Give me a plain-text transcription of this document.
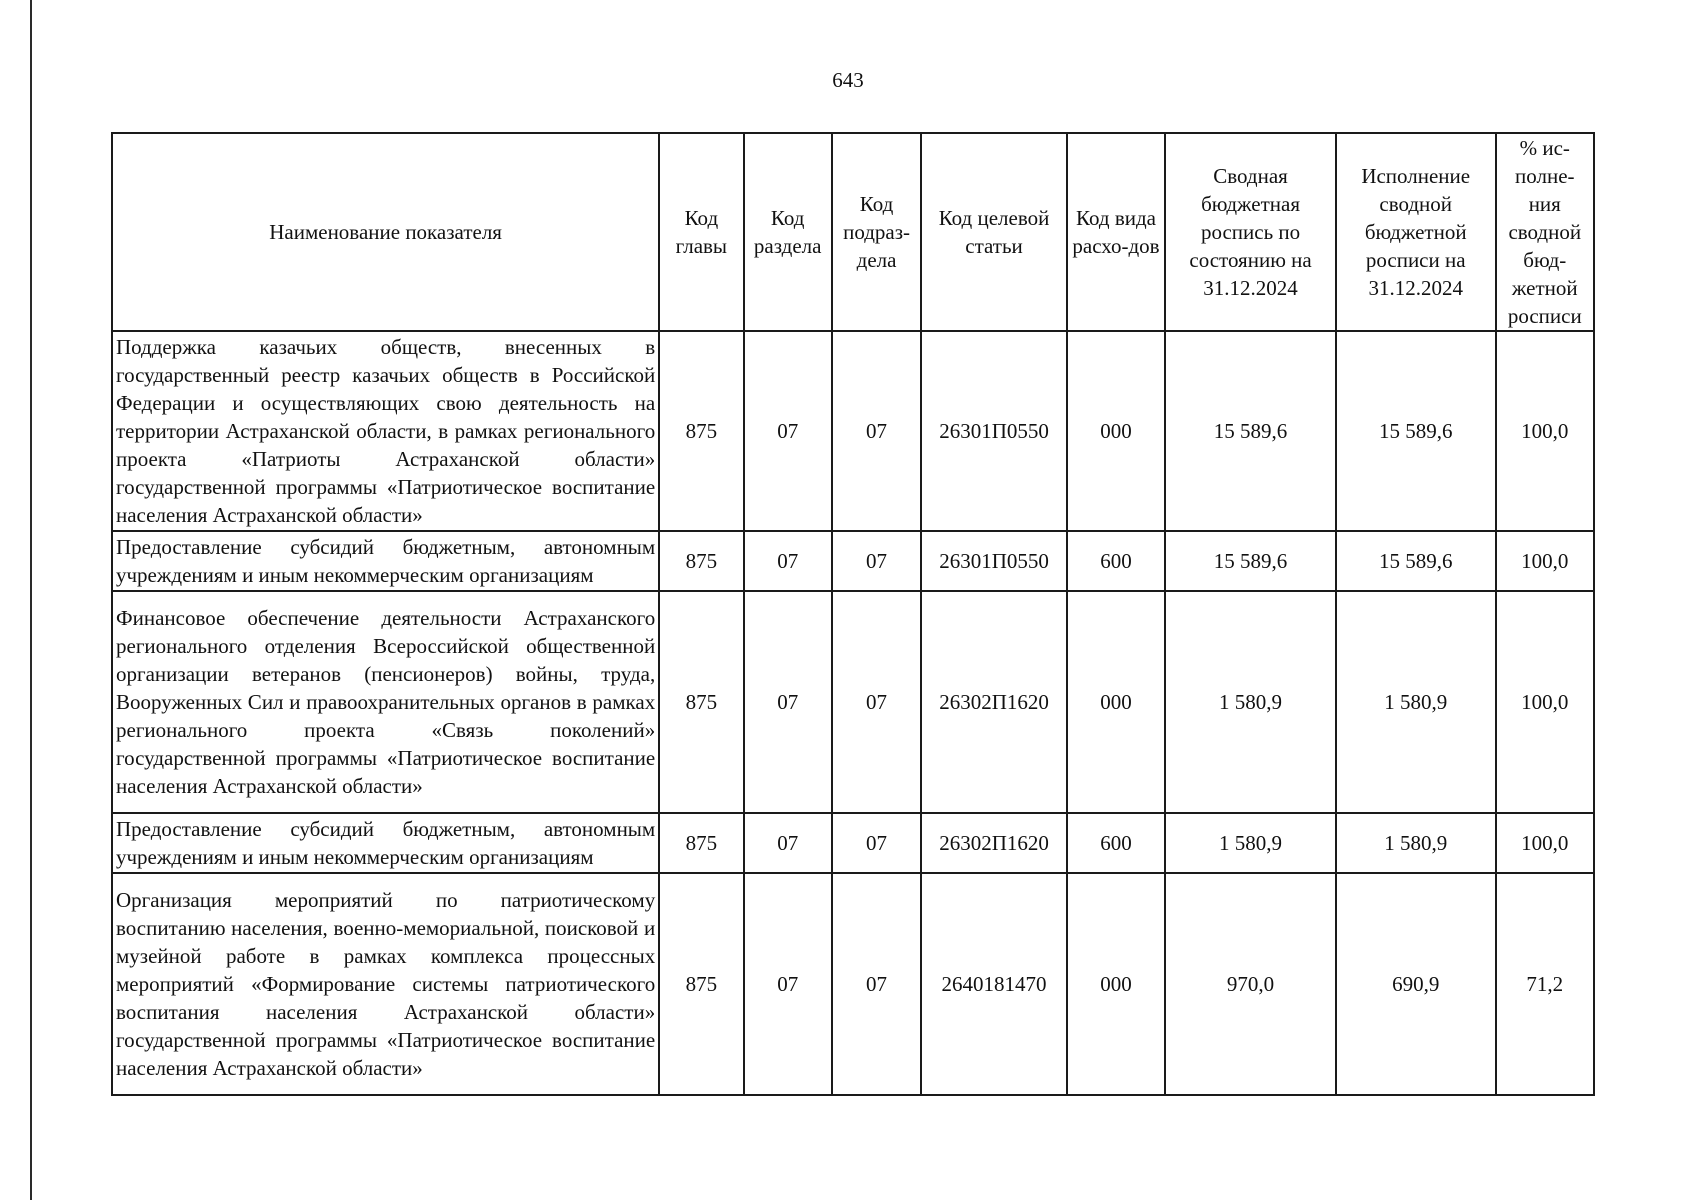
643
Наименование показателя	Код главы	Код раздела	Код подраз-дела	Код целевой статьи	Код вида расхо-дов	Сводная бюджетная роспись по состоянию на 31.12.2024	Исполнение сводной бюджетной росписи на 31.12.2024	% ис-полне-ния сводной бюд-жетной росписи
Поддержка казачьих обществ, внесенных в государственный реестр казачьих обществ в Российской Федерации и осуществляющих свою деятельность на территории Астраханской области, в рамках регионального проекта «Патриоты Астраханской области» государственной программы «Патриотическое воспитание населения Астраханской области»	875	07	07	26301П0550	000	15 589,6	15 589,6	100,0
Предоставление субсидий бюджетным, автономным учреждениям и иным некоммерческим организациям	875	07	07	26301П0550	600	15 589,6	15 589,6	100,0
Финансовое обеспечение деятельности Астраханского регионального отделения Всероссийской общественной организации ветеранов (пенсионеров) войны, труда, Вооруженных Сил и правоохранительных органов в рамках регионального проекта «Связь поколений» государственной программы «Патриотическое воспитание населения Астраханской области»	875	07	07	26302П1620	000	1 580,9	1 580,9	100,0
Предоставление субсидий бюджетным, автономным учреждениям и иным некоммерческим организациям	875	07	07	26302П1620	600	1 580,9	1 580,9	100,0
Организация мероприятий по патриотическому воспитанию населения, военно-мемориальной, поисковой и музейной работе в рамках комплекса процессных мероприятий «Формирование системы патриотического воспитания населения Астраханской области» государственной программы «Патриотическое воспитание населения Астраханской области»	875	07	07	2640181470	000	970,0	690,9	71,2
